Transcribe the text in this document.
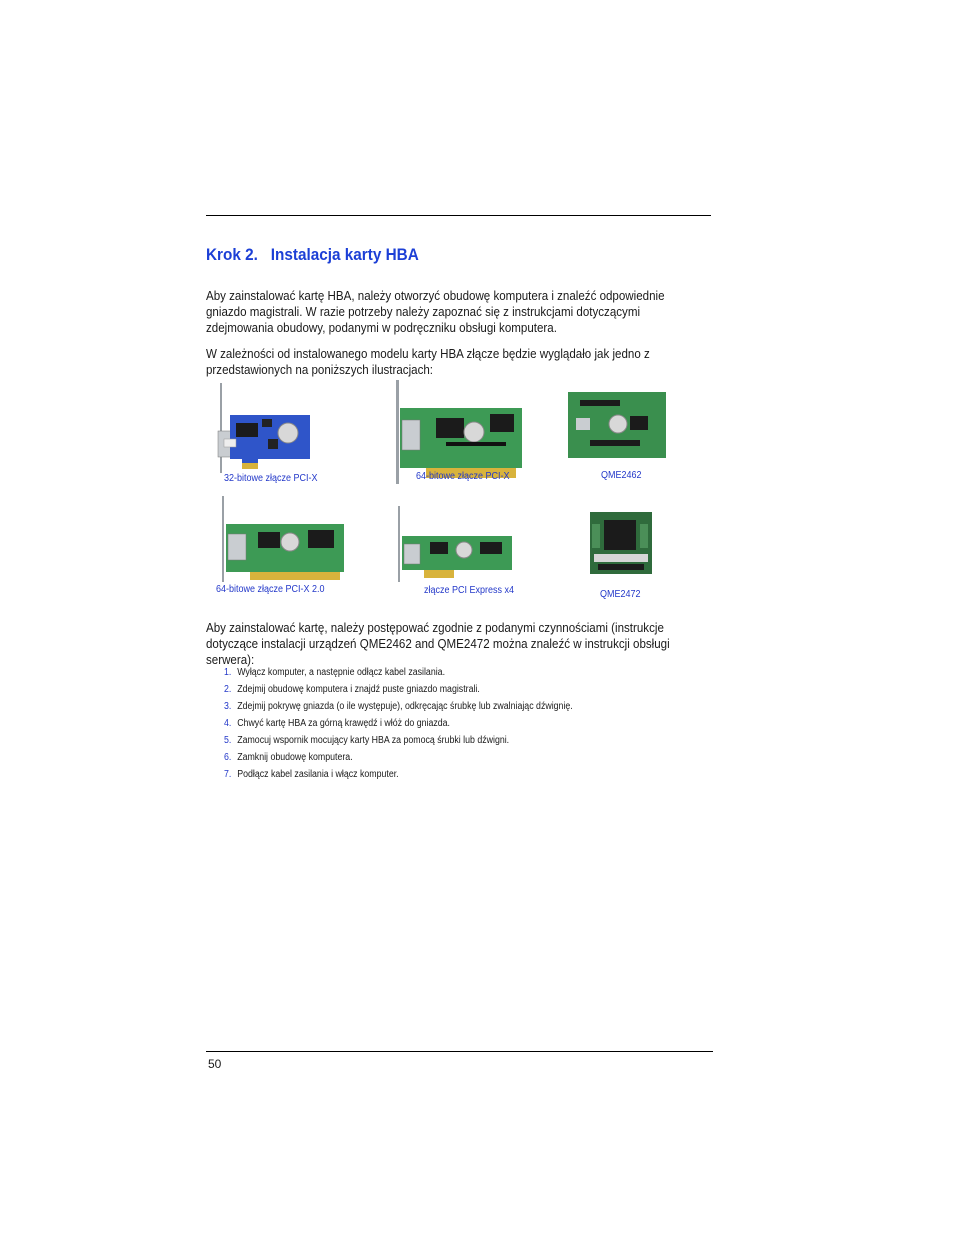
Krok 2. Instalacja karty HBA

Aby zainstalować kartę HBA, należy otworzyć obudowę komputera i znaleźć odpowiednie gniazdo magistrali. W razie potrzeby należy zapoznać się z instrukcjami dotyczącymi zdejmowania obudowy, podanymi w podręczniku obsługi komputera.

W zależności od instalowanego modelu karty HBA złącze będzie wyglądało jak jedno z przedstawionych na poniższych ilustracjach:

32-bitowe złącze PCI-X	64-bitowe złącze PCI-X	QME2462
64-bitowe złącze PCI-X 2.0	złącze PCI Express x4	QME2472

Aby zainstalować kartę, należy postępować zgodnie z podanymi czynnościami (instrukcje dotyczące instalacji urządzeń QME2462 and QME2472 można znaleźć w instrukcji obsługi serwera):

1. Wyłącz komputer, a następnie odłącz kabel zasilania.
2. Zdejmij obudowę komputera i znajdź puste gniazdo magistrali.
3. Zdejmij pokrywę gniazda (o ile występuje), odkręcając śrubkę lub zwalniając dźwignię.
4. Chwyć kartę HBA za górną krawędź i włóż do gniazda.
5. Zamocuj wspornik mocujący karty HBA za pomocą śrubki lub dźwigni.
6. Zamknij obudowę komputera.
7. Podłącz kabel zasilania i włącz komputer.
50
